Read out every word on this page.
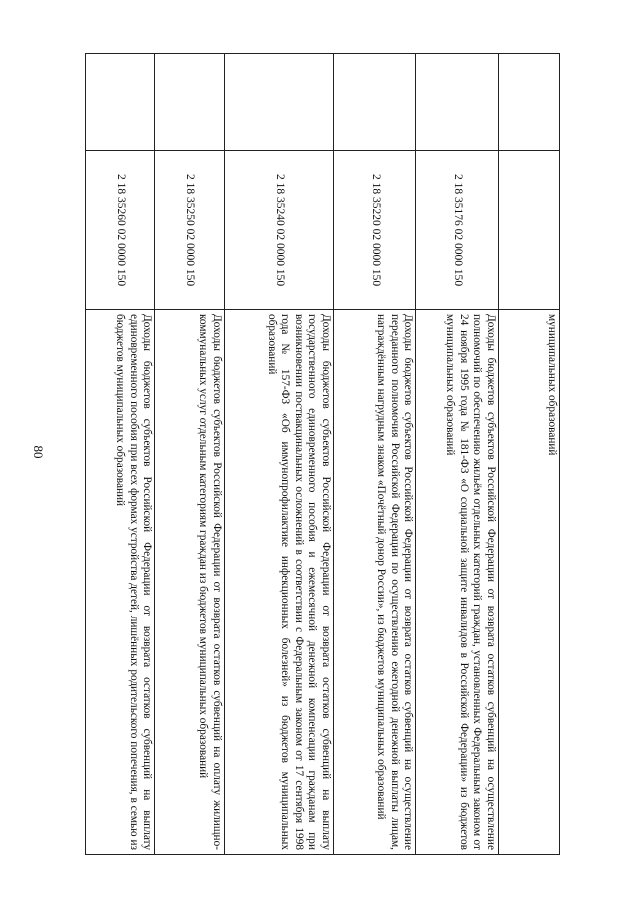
80
			муниципальных образований
	2 18 35176 02 0000 150	Доходы бюджетов субъектов Российской Федерации от возврата остатков субвенций на осуществление полномочий по обеспечению жильём отдельных категорий граждан, установленных Федеральным законом от 24 ноября 1995 года № 181-ФЗ «О социальной защите инвалидов в Российской Федерации» из бюджетов муниципальных образований
	2 18 35220 02 0000 150	Доходы бюджетов субъектов Российской Федерации от возврата остатков субвенций на осуществление переданного полномочия Российской Федерации по осуществлению ежегодной денежной выплаты лицам, награждённым нагрудным знаком «Почётный донор России», из бюджетов муниципальных образований
	2 18 35240 02 0000 150	Доходы бюджетов субъектов Российской Федерации от возврата остатков субвенций на выплату государственного единовременного пособия и ежемесячной денежной компенсации гражданам при возникновении поствакцинальных осложнений в соответствии с Федеральным законом от 17 сентября 1998 года № 157-ФЗ «Об иммунопрофилактике инфекционных болезней» из бюджетов муниципальных образований
	2 18 35250 02 0000 150	Доходы бюджетов субъектов Российской Федерации от возврата остатков субвенций на оплату жилищно-коммунальных услуг отдельным категориям граждан из бюджетов муниципальных образований
	2 18 35260 02 0000 150	Доходы бюджетов субъектов Российской Федерации от возврата остатков субвенций на выплату единовременного пособия при всех формах устройства детей, лишённых родительского попечения, в семью из бюджетов муниципальных образований
